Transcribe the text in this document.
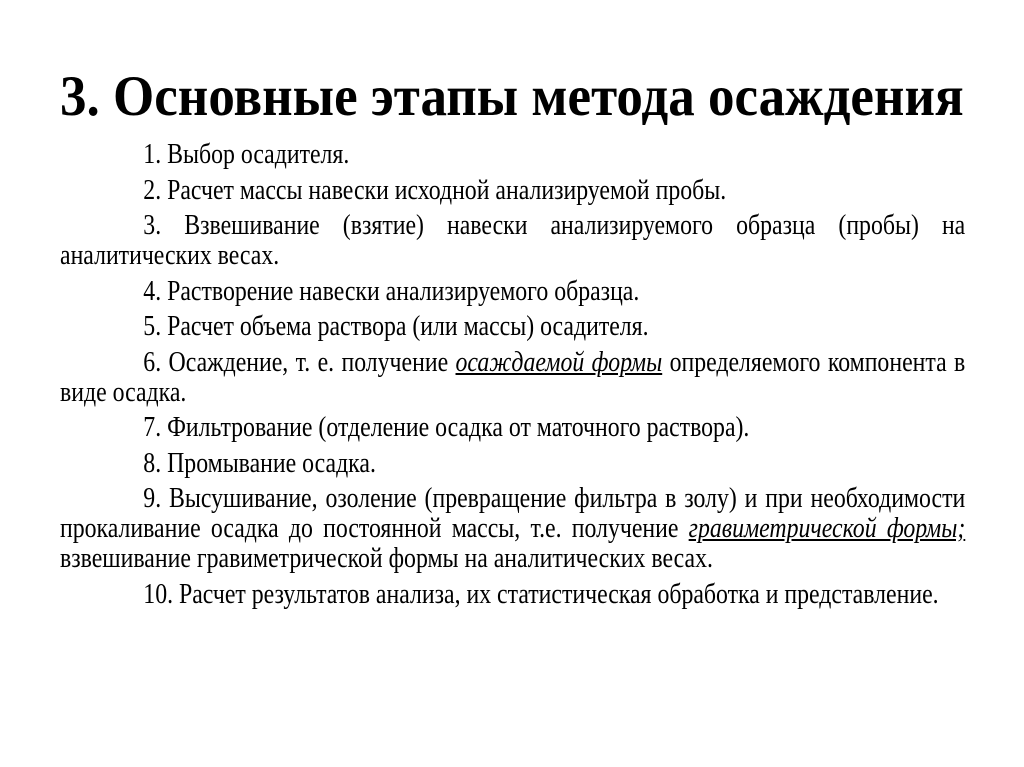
3. Основные этапы метода осаждения

1. Выбор осадителя.

2. Расчет массы навески исходной анализируемой пробы.

3. Взвешивание (взятие) навески анализируемого образца (пробы) на аналитических весах.

4. Растворение навески анализируемого образца.

5. Расчет объема раствора (или массы) осадителя.

6. Осаждение, т. е. получение осаждаемой формы определяемого компонента в виде осадка.

7. Фильтрование (отделение осадка от маточного раствора).

8. Промывание осадка.

9. Высушивание, озоление (превращение фильтра в золу) и при необходимости прокаливание осадка до постоянной массы, т.е. получение гравиметрической формы; взвешивание гравиметрической формы на аналитических весах.

10. Расчет результатов анализа, их статистическая обработка и представление.
